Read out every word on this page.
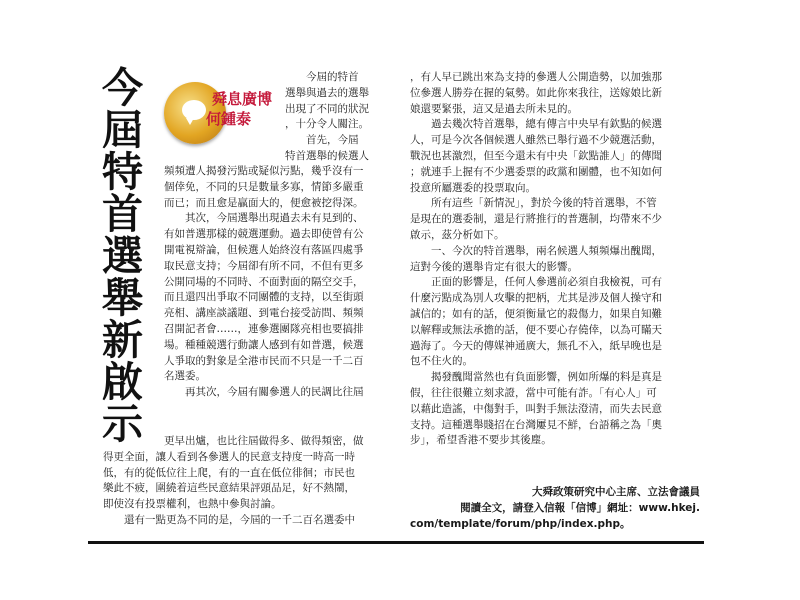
今屆特首選舉新啟示	舜息廣博
何鍾泰
今屆的特首
選舉與過去的選舉
出現了不同的狀況
，十分令人關注。
首先，今屆
特首選舉的候選人
頻頻遭人揭發污點或疑似污點，幾乎沒有一
個倖免，不同的只是數量多寡，情節多嚴重
而已；而且愈是贏面大的，便愈被挖得深。
其次，今屆選舉出現過去未有見到的、
有如普選那樣的競選運動。過去即使曾有公
開電視辯論，但候選人始終沒有落區四處爭
取民意支持；今屆卻有所不同，不但有更多
公開同場的不同時、不面對面的隔空交手，
而且還四出爭取不同團體的支持，以至街頭
亮相、講座談議題、到電台接受訪問、頻頻
召開記者會……，連參選團隊亮相也要搞排
場。種種競選行動讓人感到有如普選，候選
人爭取的對象是全港市民而不只是一千二百
名選委。
再其次，今屆有關參選人的民調比往屆
更早出爐，也比往屆做得多、做得頻密，做
得更全面，讓人看到各參選人的民意支持度一時高一時
低，有的從低位往上爬，有的一直在低位徘徊；市民也
樂此不疲，圍繞着這些民意結果評頭品足，好不熱鬧，
即使沒有投票權利，也熱中參與討論。
還有一點更為不同的是，今屆的一千二百名選委中
，有人早已跳出來為支持的參選人公開造勢，以加強那
位參選人勝券在握的氣勢。如此你來我往，送嫁娘比新
娘還要緊張，這又是過去所未見的。
過去幾次特首選舉，總有傳言中央早有欽點的候選
人，可是今次各個候選人雖然已舉行過不少競選活動，
戰況也甚激烈，但至今還未有中央「欽點誰人」的傳聞
；就連手上握有不少選委票的政黨和團體，也不知如何
投意所屬選委的投票取向。
所有這些「新情況」，對於今後的特首選舉，不管
是現在的選委制，還是行將推行的普選制，均帶來不少
啟示，茲分析如下。
一、今次的特首選舉，兩名候選人頻頻爆出醜聞，
這對今後的選舉肯定有很大的影響。
正面的影響是，任何人參選前必須自我檢視，可有
什麼污點成為別人攻擊的把柄，尤其是涉及個人操守和
誠信的；如有的話，便須衡量它的殺傷力，如果自知難
以解釋或無法承擔的話，便不要心存僥倖，以為可瞞天
過海了。今天的傳媒神通廣大，無孔不入，紙早晚也是
包不住火的。
揭發醜聞當然也有負面影響，例如所爆的料是真是
假，往往很難立刻求證，當中可能有詐。「有心人」可
以藉此造謠，中傷對手，叫對手無法澄清，而失去民意
支持。這種選舉賤招在台灣屢見不鮮，台語稱之為「奧
步」，希望香港不要步其後塵。
大舜政策研究中心主席、立法會議員
閱讀全文，請登入信報「信博」網址：www.hkej.
com/template/forum/php/index.php。
